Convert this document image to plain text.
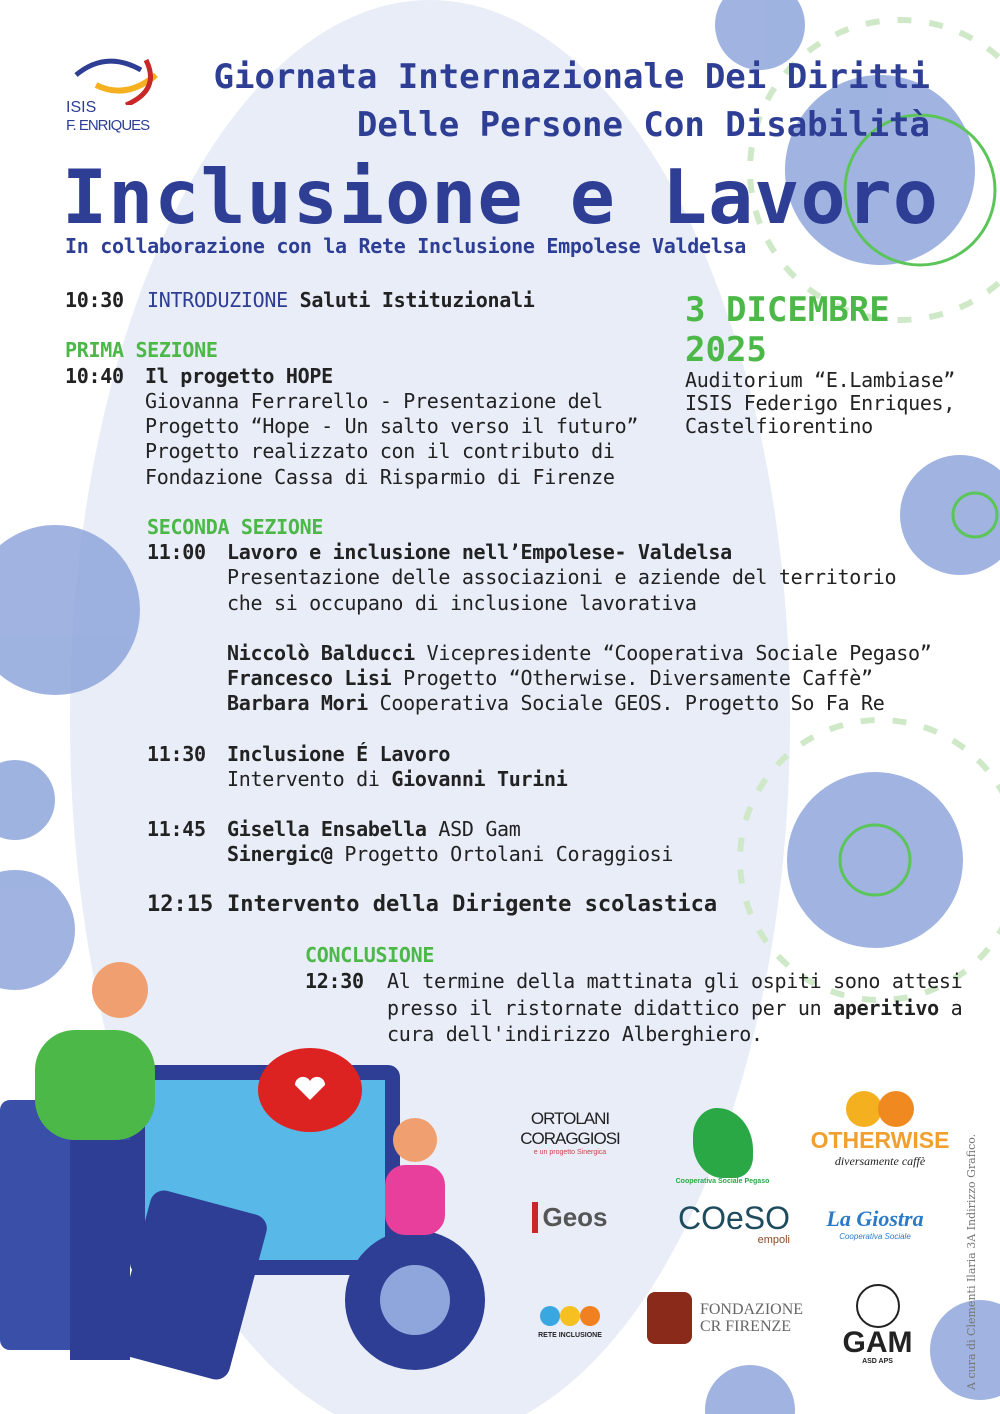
ISIS
F. ENRIQUES
Giornata Internazionale Dei Diritti
Delle Persone Con Disabilità
Inclusione e Lavoro
In collaborazione con la Rete Inclusione Empolese Valdelsa
3 DICEMBRE
2025
Auditorium “E.Lambiase”
ISIS Federigo Enriques,
Castelfiorentino
10:30 INTRODUZIONE Saluti Istituzionali
PRIMA SEZIONE
10:40 Il progetto HOPE
Giovanna Ferrarello - Presentazione del
Progetto “Hope - Un salto verso il futuro”
Progetto realizzato con il contributo di
Fondazione Cassa di Risparmio di Firenze
SECONDA SEZIONE
11:00 Lavoro e inclusione nell’Empolese- Valdelsa
Presentazione delle associazioni e aziende del territorio
che si occupano di inclusione lavorativa
Niccolò Balducci Vicepresidente “Cooperativa Sociale Pegaso”
Francesco Lisi Progetto “Otherwise. Diversamente Caffè”
Barbara Mori Cooperativa Sociale GEOS. Progetto So Fa Re
11:30 Inclusione É Lavoro
Intervento di Giovanni Turini
11:45 Gisella Ensabella ASD Gam
Sinergic@ Progetto Ortolani Coraggiosi
12:15 Intervento della Dirigente scolastica
CONCLUSIONE
12:30 Al termine della mattinata gli ospiti sono attesi
presso il ristornate didattico per un aperitivo a
cura dell'indirizzo Alberghiero.
ORTOLANI CORAGGIOSI
e un progetto Sinergica
Cooperativa Sociale Pegaso
OTHERWISE
diversamente caffè
Geos COeSO
empoli
La Giostra
Cooperativa Sociale
RETE INCLUSIONE
FONDAZIONE
CR FIRENZE	GAM
ASD APS	A cura di Clementi Ilaria 3A Indirizzo Grafico.
